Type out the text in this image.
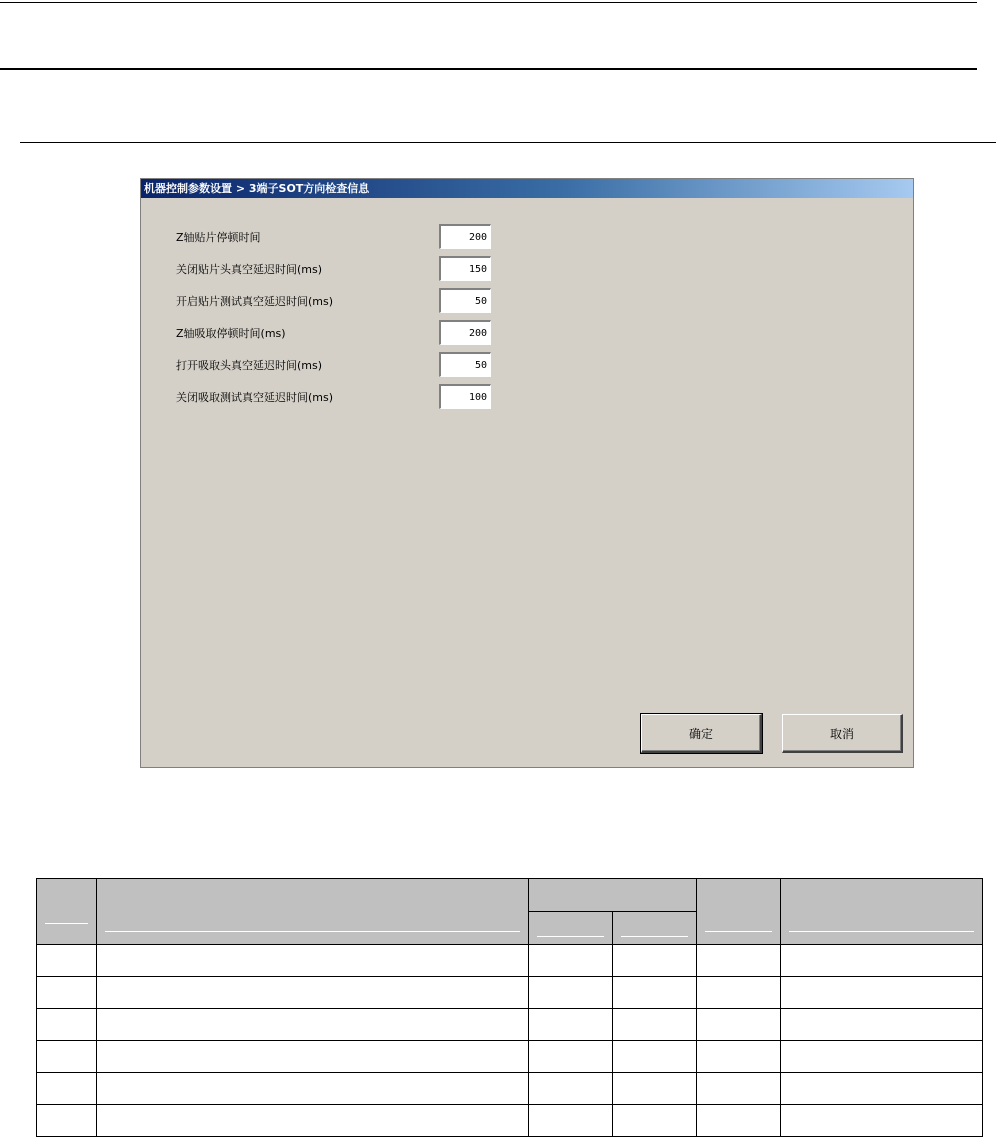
机器控制参数设置 > 3端子SOT方向检查信息
Z轴贴片停顿时间
200
关闭贴片头真空延迟时间(ms)
150
开启贴片测试真空延迟时间(ms)
50
Z轴吸取停顿时间(ms)
200
打开吸取头真空延迟时间(ms)
50
关闭吸取测试真空延迟时间(ms)
100
确定	取消
